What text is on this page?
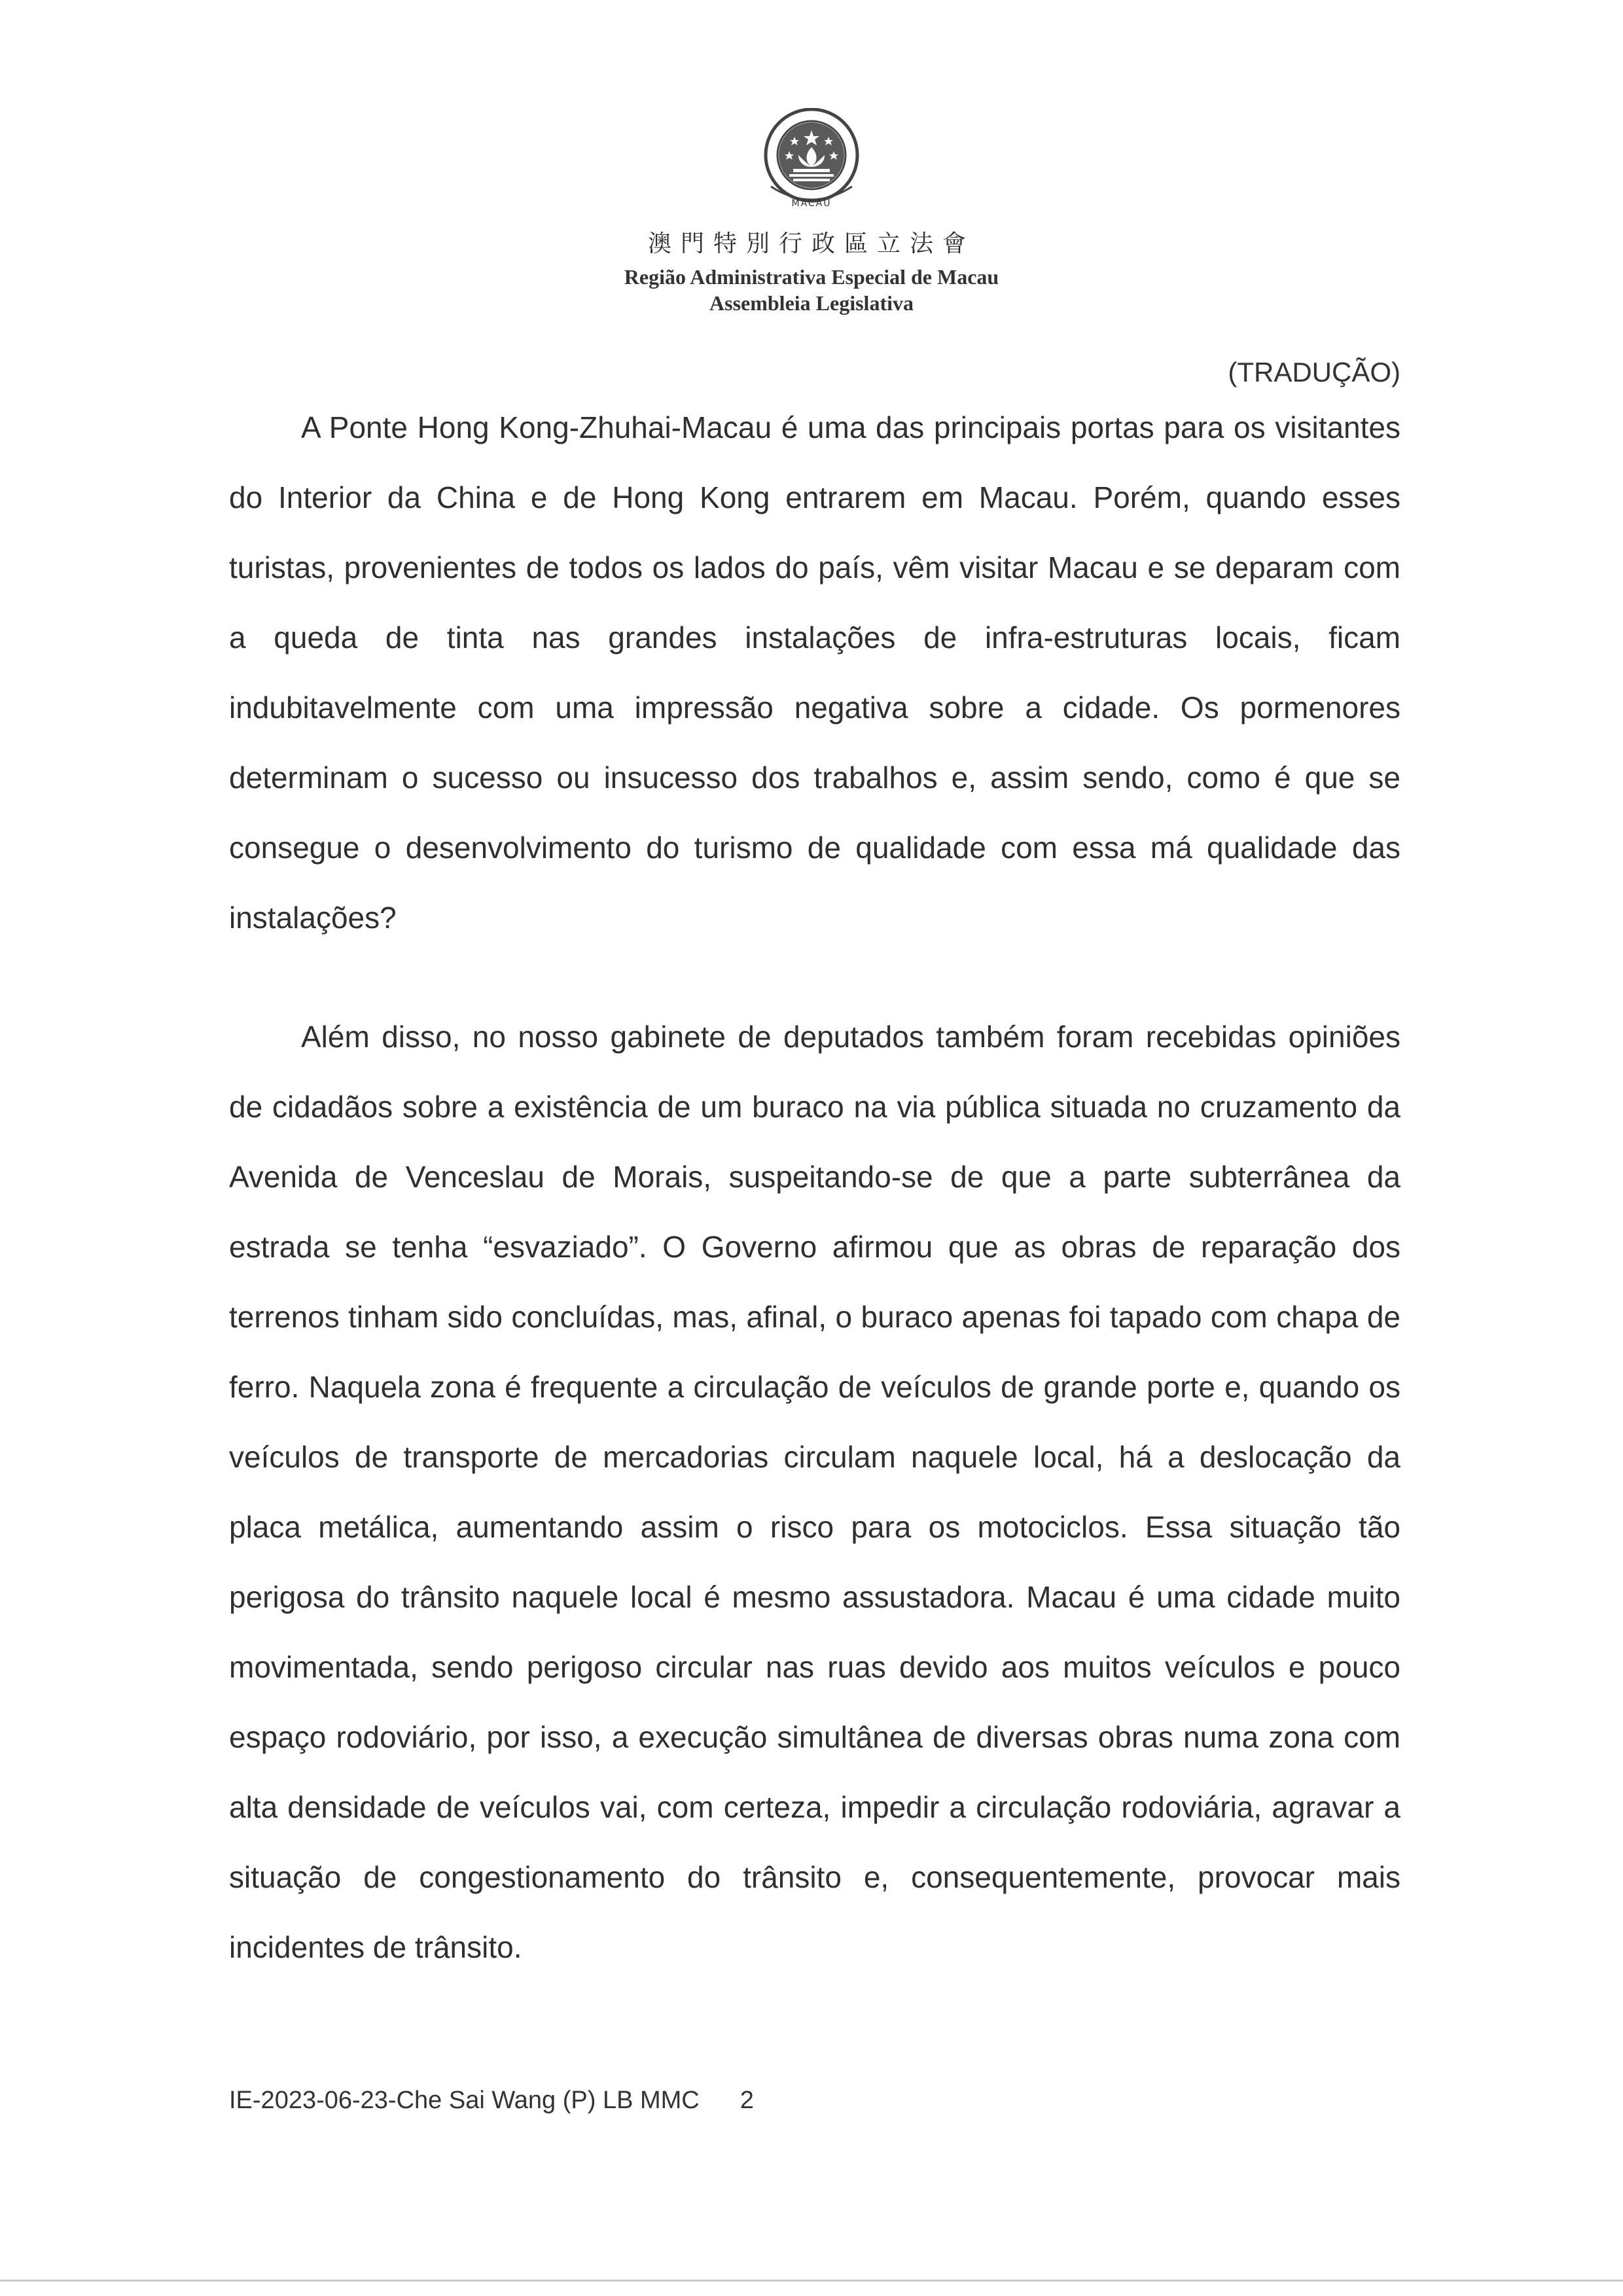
MACAU
澳門特別行政區立法會
Região Administrativa Especial de Macau
Assembleia Legislativa
(TRADUÇÃO)

A Ponte Hong Kong-Zhuhai-Macau é uma das principais portas para os visitantes do Interior da China e de Hong Kong entrarem em Macau. Porém, quando esses turistas, provenientes de todos os lados do país, vêm visitar Macau e se deparam com a queda de tinta nas grandes instalações de infra-estruturas locais, ficam indubitavelmente com uma impressão negativa sobre a cidade. Os pormenores determinam o sucesso ou insucesso dos trabalhos e, assim sendo, como é que se consegue o desenvolvimento do turismo de qualidade com essa má qualidade das instalações?

Além disso, no nosso gabinete de deputados também foram recebidas opiniões de cidadãos sobre a existência de um buraco na via pública situada no cruzamento da Avenida de Venceslau de Morais, suspeitando-se de que a parte subterrânea da estrada se tenha “esvaziado”. O Governo afirmou que as obras de reparação dos terrenos tinham sido concluídas, mas, afinal, o buraco apenas foi tapado com chapa de ferro. Naquela zona é frequente a circulação de veículos de grande porte e, quando os veículos de transporte de mercadorias circulam naquele local, há a deslocação da placa metálica, aumentando assim o risco para os motociclos. Essa situação tão perigosa do trânsito naquele local é mesmo assustadora. Macau é uma cidade muito movimentada, sendo perigoso circular nas ruas devido aos muitos veículos e pouco espaço rodoviário, por isso, a execução simultânea de diversas obras numa zona com alta densidade de veículos vai, com certeza, impedir a circulação rodoviária, agravar a situação de congestionamento do trânsito e, consequentemente, provocar mais incidentes de trânsito.

IE-2023-06-23-Che Sai Wang (P) LB MMC 2
